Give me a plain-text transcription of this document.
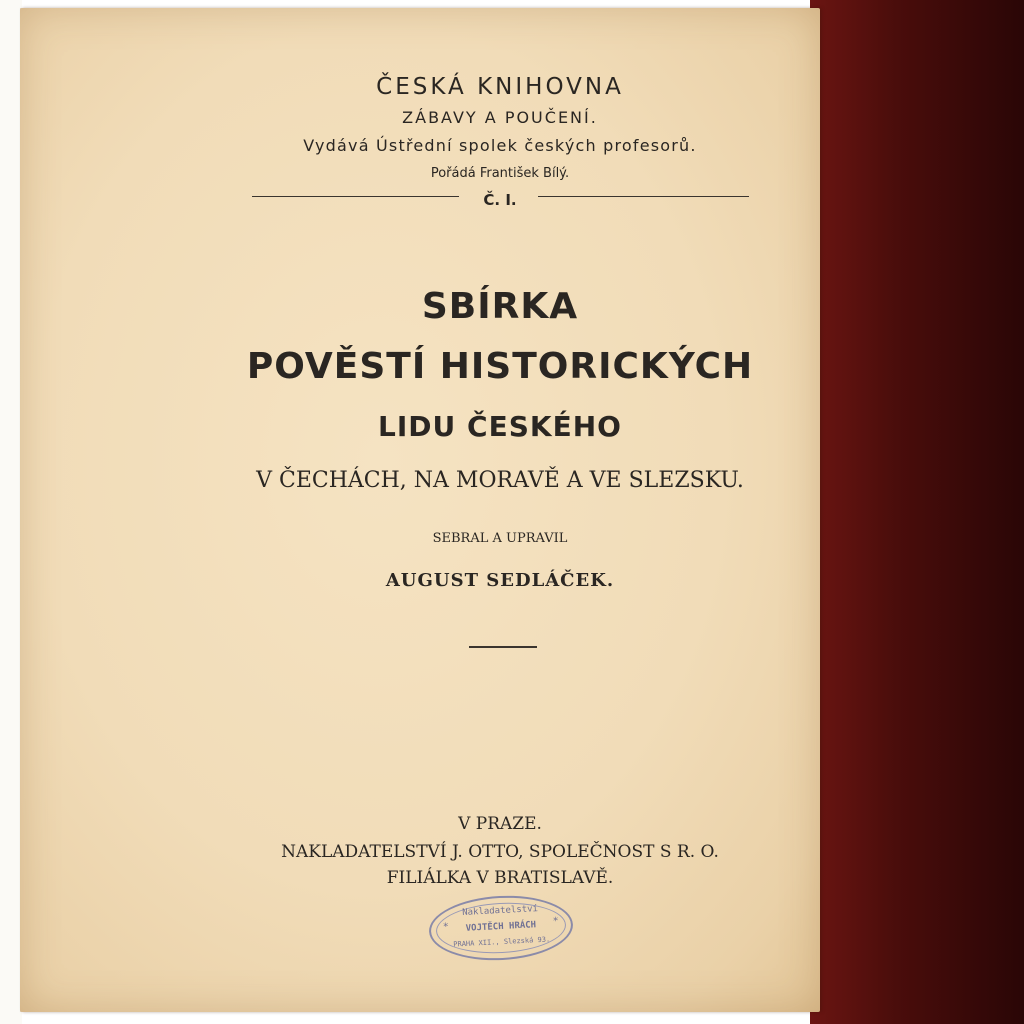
ČESKÁ KNIHOVNA
ZÁBAVY A POUČENÍ.
Vydává Ústřední spolek českých profesorů.
Pořádá František Bílý.
Č. I.
SBÍRKA
POVĚSTÍ HISTORICKÝCH
LIDU ČESKÉHO
V ČECHÁCH, NA MORAVĚ A VE SLEZSKU.
SEBRAL A UPRAVIL
AUGUST SEDLÁČEK.
V PRAZE.
NAKLADATELSTVÍ J. OTTO, SPOLEČNOST S R. O.
FILIÁLKA V BRATISLAVĚ.
Nakladatelství
*	VOJTĚCH HRÁCH	*
PRAHA XII., Slezská 93.
